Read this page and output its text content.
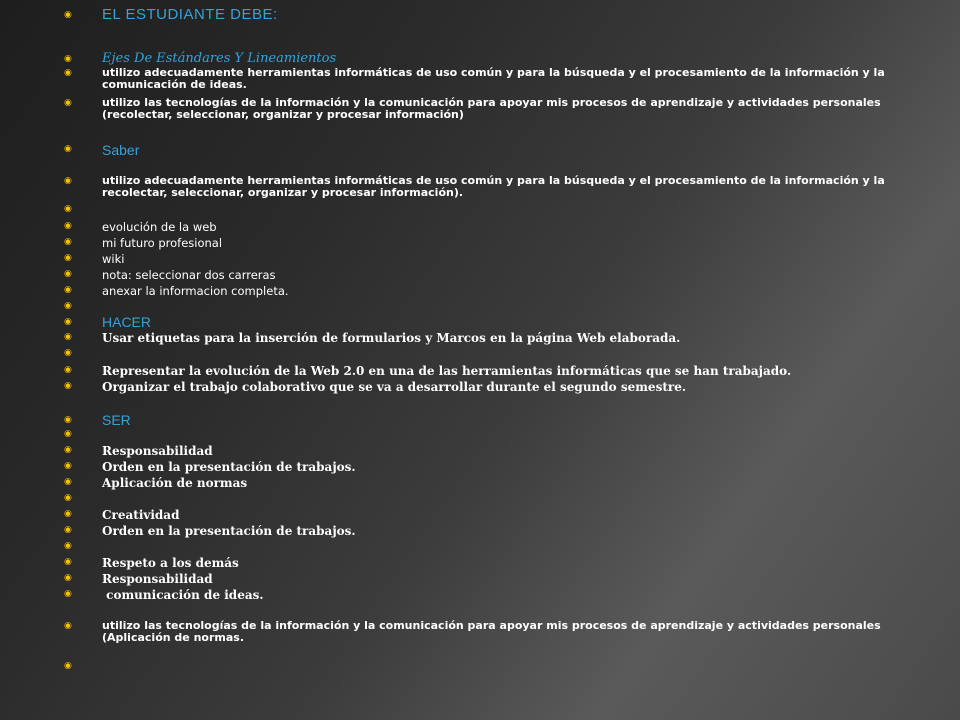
◉ EL ESTUDIANTE DEBE:
◉ Ejes De Estándares Y Lineamientos
◉	utilizo adecuadamente herramientas informáticas de uso común y para la búsqueda y el procesamiento de la información y la comunicación de ideas.
◉	utilizo las tecnologías de la información y la comunicación para apoyar mis procesos de aprendizaje y actividades personales (recolectar, seleccionar, organizar y procesar información)
◉ Saber
◉	utilizo adecuadamente herramientas informáticas de uso común y para la búsqueda y el procesamiento de la información y la recolectar, seleccionar, organizar y procesar información).
◉
◉	evolución de la web
◉	mi futuro profesional
◉	wiki
◉	nota: seleccionar dos carreras
◉	anexar la informacion completa.
◉
◉ HACER
◉	Usar etiquetas para la inserción de formularios y Marcos en la página Web elaborada.
◉
◉	Representar la evolución de la Web 2.0 en una de las herramientas informáticas que se han trabajado.
◉	Organizar el trabajo colaborativo que se va a desarrollar durante el segundo semestre.
◉ SER
◉
◉	Responsabilidad
◉	Orden en la presentación de trabajos.
◉	Aplicación de normas
◉
◉	Creatividad
◉	Orden en la presentación de trabajos.
◉
◉	Respeto a los demás
◉	Responsabilidad
◉	comunicación de ideas.
◉	utilizo las tecnologías de la información y la comunicación para apoyar mis procesos de aprendizaje y actividades personales (Aplicación de normas.
◉
